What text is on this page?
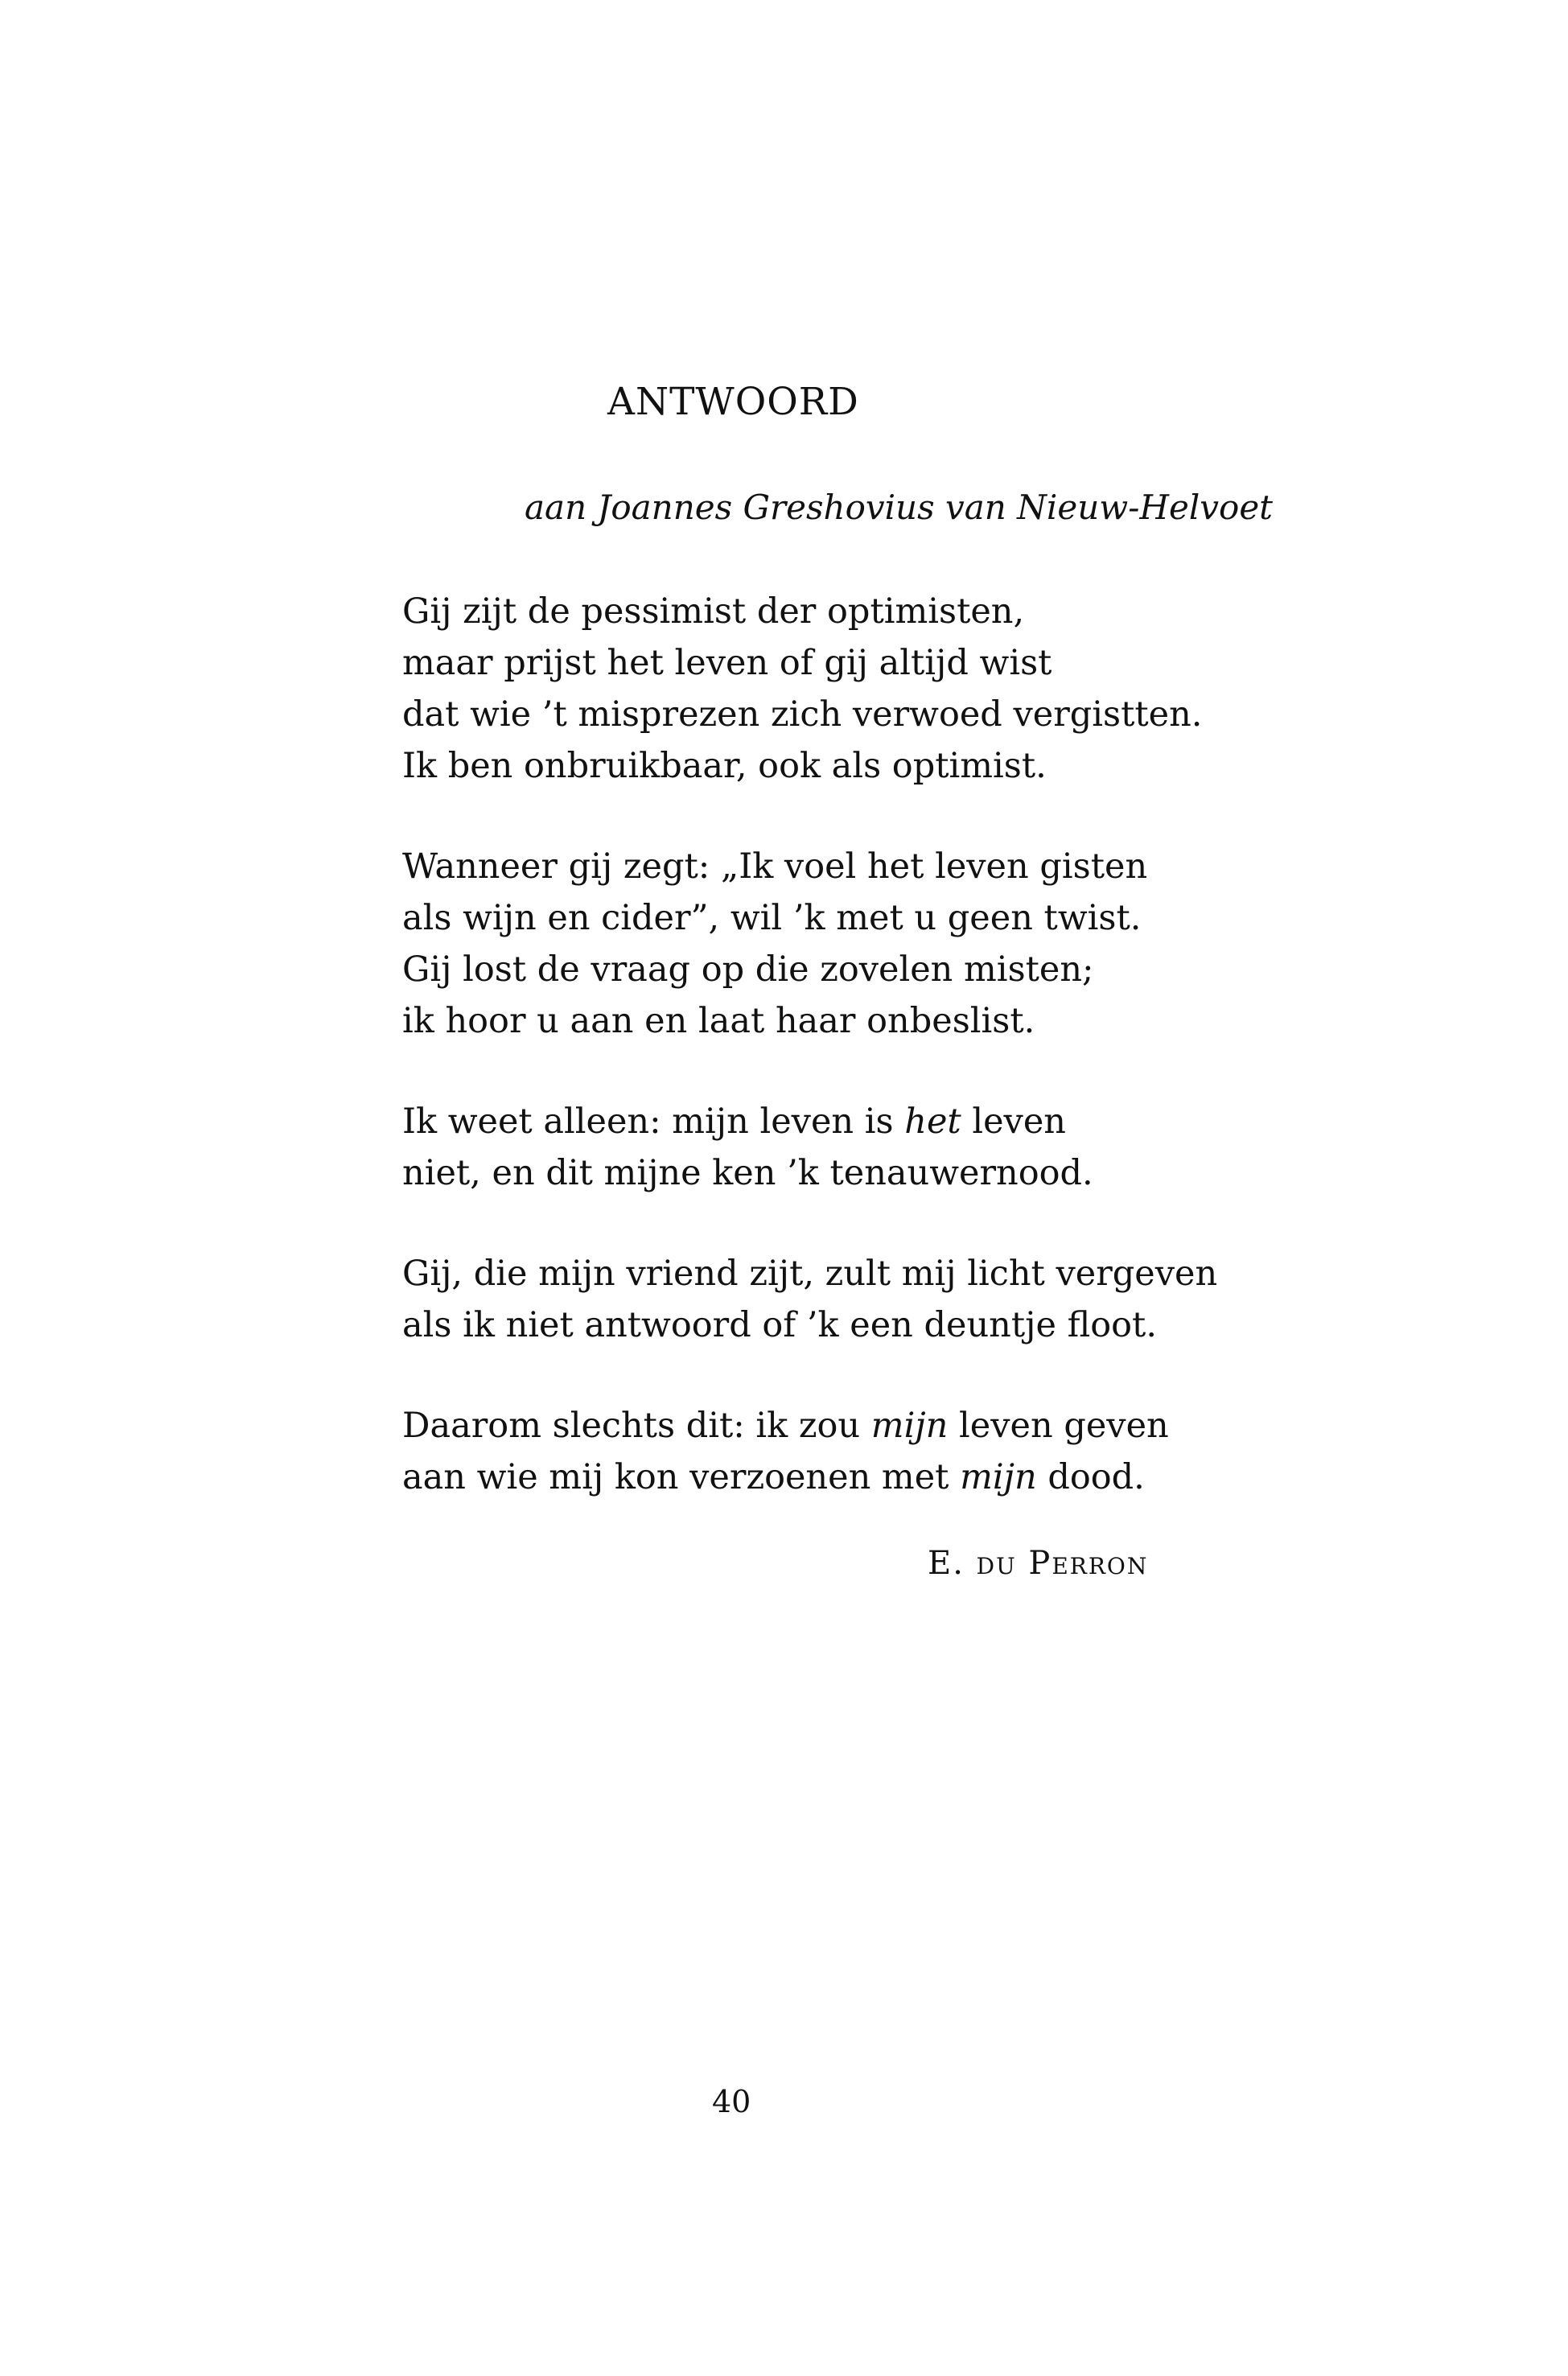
ANTWOORD
aan Joannes Greshovius van Nieuw-Helvoet
Gij zijt de pessimist der optimisten,
maar prijst het leven of gij altijd wist
dat wie ’t misprezen zich verwoed vergistten.
Ik ben onbruikbaar, ook als optimist.
Wanneer gij zegt: „Ik voel het leven gisten
als wijn en cider”, wil ’k met u geen twist.
Gij lost de vraag op die zovelen misten;
ik hoor u aan en laat haar onbeslist.
Ik weet alleen: mijn leven is het leven
niet, en dit mijne ken ’k tenauwernood.
Gij, die mijn vriend zijt, zult mij licht vergeven
als ik niet antwoord of ’k een deuntje floot.
Daarom slechts dit: ik zou mijn leven geven
aan wie mij kon verzoenen met mijn dood.
E. du Perron
40
